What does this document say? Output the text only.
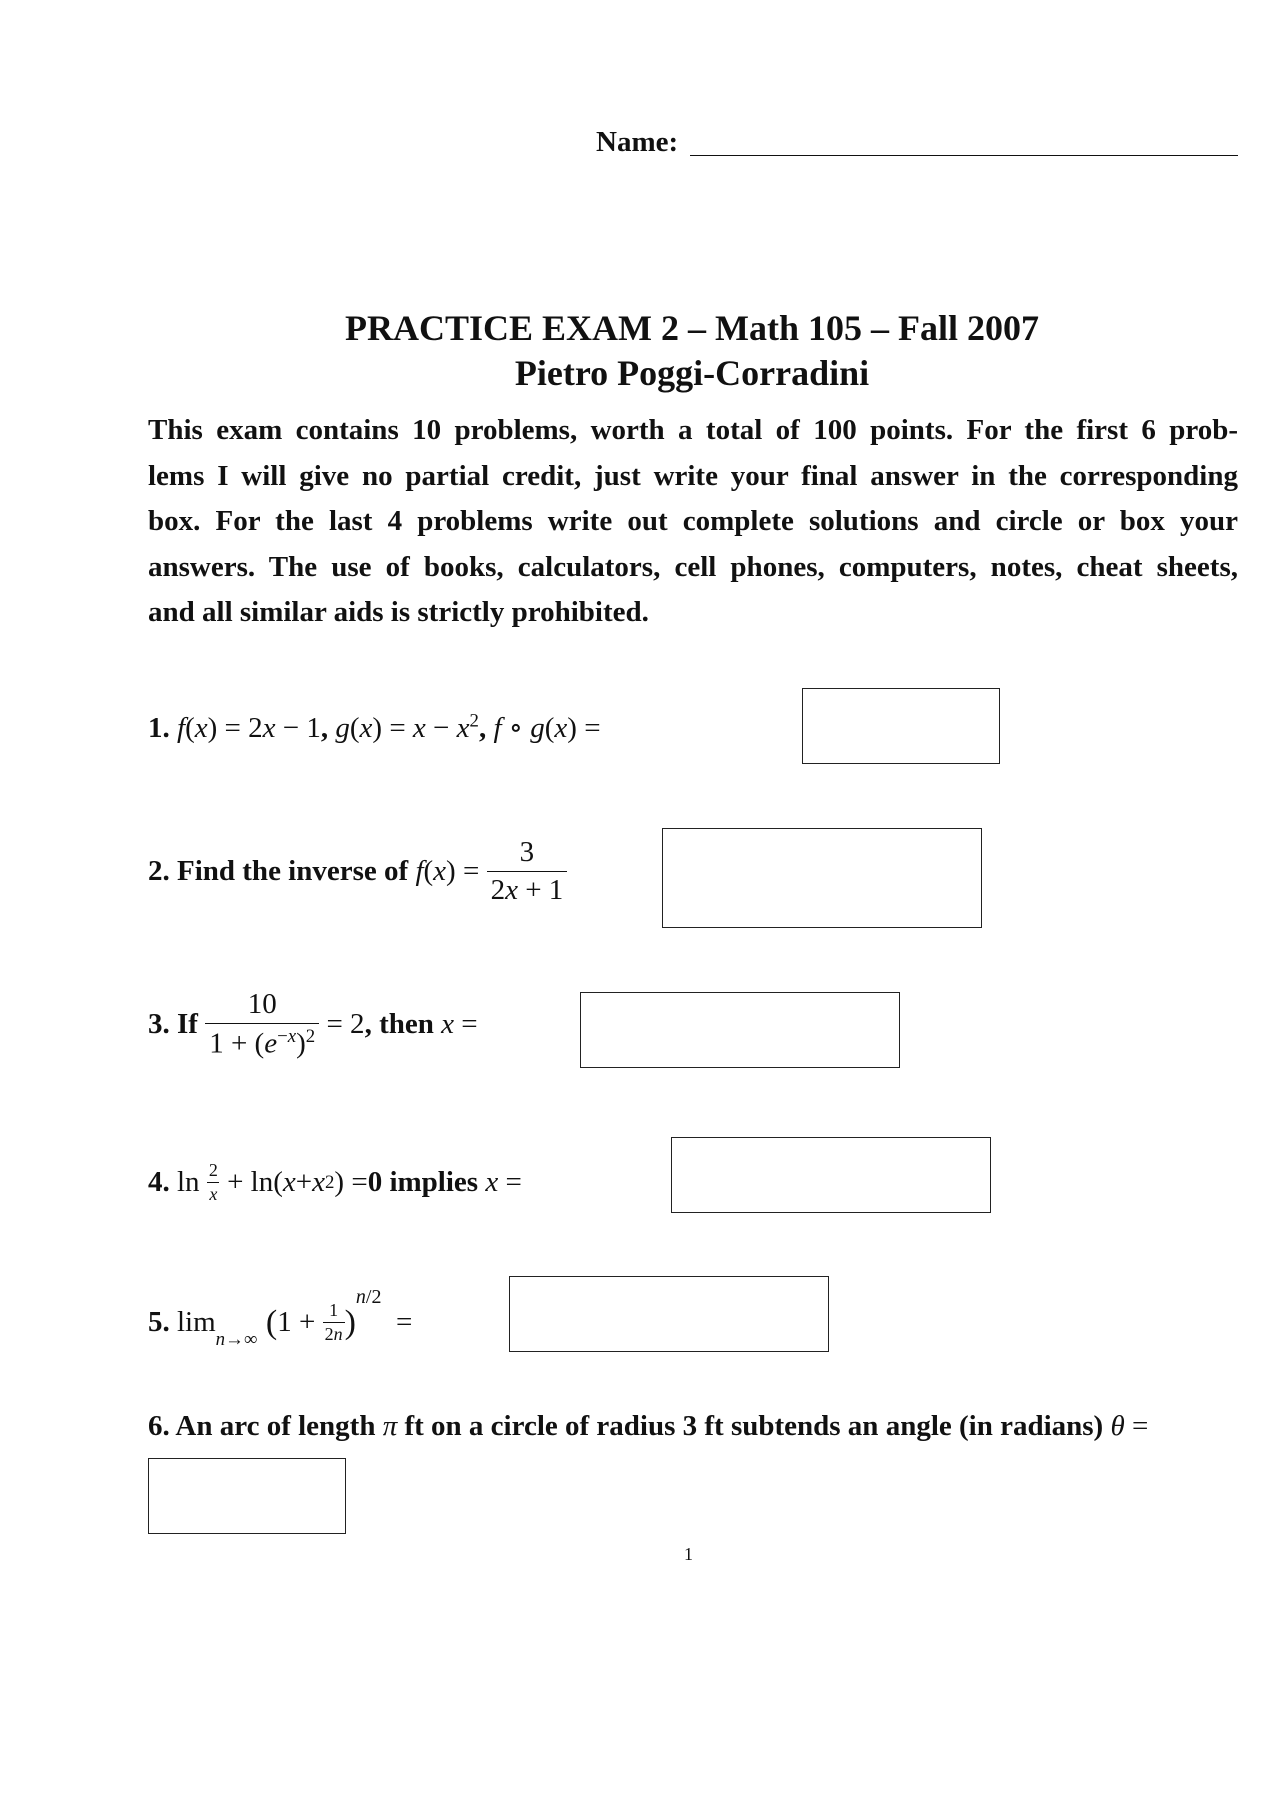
Name:
PRACTICE EXAM 2 – Math 105 – Fall 2007
Pietro Poggi-Corradini
This exam contains 10 problems, worth a total of 100 points. For the first 6 prob-
lems I will give no partial credit, just write your final answer in the corresponding
box. For the last 4 problems write out complete solutions and circle or box your
answers. The use of books, calculators, cell phones, computers, notes, cheat sheets,
and all similar aids is strictly prohibited.
1. f(x) = 2x − 1, $g(x) = x - x^2$, f ∘ g(x) =
2.
Find the inverse of
f ( x ) = $\frac{3}{2x + 1}$
3.
If
$\frac{10}{1 + (e^{-x})^2} = 2$ , then
x =
4.
$\ln \frac{2}{x} + \ln$( x + x 2 ) = 0 implies
x =
5.
lim
$_{n\to\infty}$ ( $1 + \frac{1}{2n}$ )
$^{n/2}$
=
6. An arc of length π ft on a circle of radius 3 ft subtends an angle (in radians) θ =
1
